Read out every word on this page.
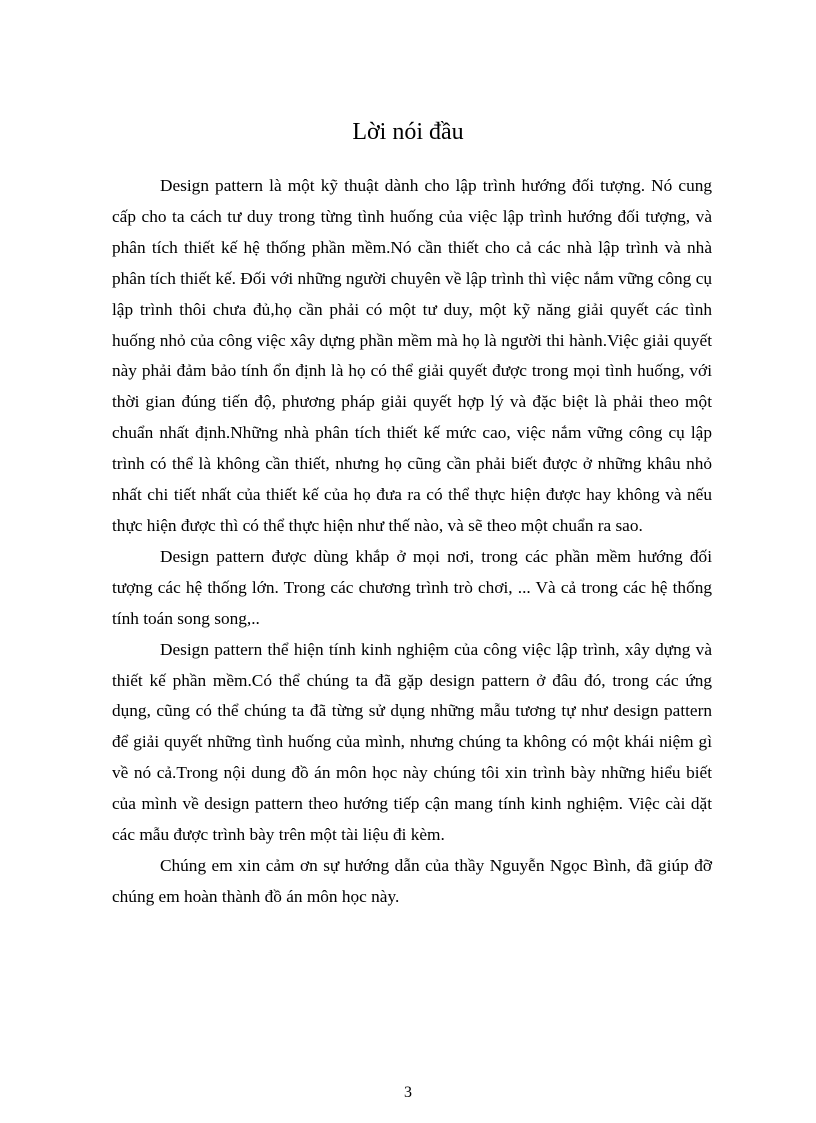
Lời nói đầu

Design pattern là một kỹ thuật dành cho lập trình hướng đối tượng. Nó cung cấp cho ta cách tư duy trong từng tình huống của việc lập trình hướng đối tượng, và phân tích thiết kế hệ thống phần mềm.Nó cần thiết cho cả các nhà lập trình và nhà phân tích thiết kế. Đối với những người chuyên về lập trình thì việc nắm vững công cụ lập trình thôi chưa đủ,họ cần phải có một tư duy, một kỹ năng giải quyết các tình huống nhỏ của công việc xây dựng phần mềm mà họ là người thi hành.Việc giải quyết này phải đảm bảo tính ổn định là họ có thể giải quyết được trong mọi tình huống, với thời gian đúng tiến độ, phương pháp giải quyết hợp lý và đặc biệt là phải theo một chuẩn nhất định.Những nhà phân tích thiết kế mức cao, việc nắm vững công cụ lập trình có thể là không cần thiết, nhưng họ cũng cần phải biết được ở những khâu nhỏ nhất chi tiết nhất của thiết kế của họ đưa ra có thể thực hiện được hay không và nếu thực hiện được thì có thể thực hiện như thế nào, và sẽ theo một chuẩn ra sao.

Design pattern được dùng khắp ở mọi nơi, trong các phần mềm hướng đối tượng các hệ thống lớn. Trong các chương trình trò chơi, ... Và cả trong các hệ thống tính toán song song,..

Design pattern thể hiện tính kinh nghiệm của công việc lập trình, xây dựng và thiết kế phần mềm.Có thể chúng ta đã gặp design pattern ở đâu đó, trong các ứng dụng, cũng có thể chúng ta đã từng sử dụng những mẫu tương tự như design pattern để giải quyết những tình huống của mình, nhưng chúng ta không có một khái niệm gì về nó cả.Trong nội dung đồ án môn học này chúng tôi xin trình bày những hiểu biết của mình về design pattern theo hướng tiếp cận mang tính kinh nghiệm. Việc cài dặt các mẫu được trình bày trên một tài liệu đi kèm.

Chúng em xin cảm ơn sự hướng dẫn của thầy Nguyễn Ngọc Bình, đã giúp đỡ chúng em hoàn thành đồ án môn học này.

3
